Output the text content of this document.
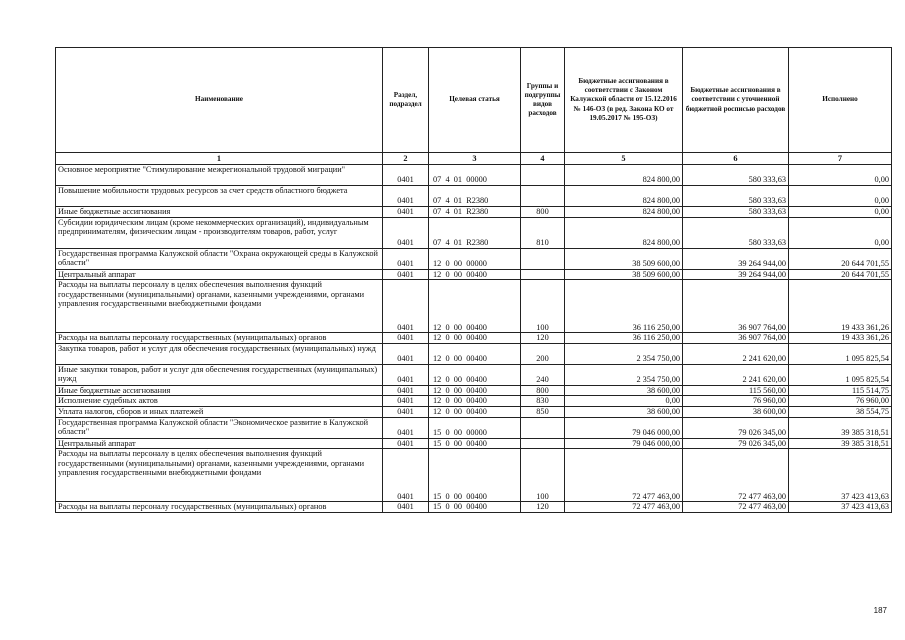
Наименование	Раздел, подраздел	Целевая статья	Группы и подгруппы видов расходов	Бюджетные ассигнования в соответствии с Законом Калужской области от 15.12.2016 № 146-ОЗ (в ред. Закона КО от 19.05.2017 № 195-ОЗ)	Бюджетные ассигнования в соответствии с уточненной бюджетной росписью расходов	Исполнено
1	2	3	4	5	6	7
Основное мероприятие "Стимулирование межрегиональной трудовой миграции"	0401	07  4  01  00000		824 800,00	580 333,63	0,00
Повышение мобильности трудовых ресурсов за счет средств областного бюджета	0401	07  4  01  R2380		824 800,00	580 333,63	0,00
Иные бюджетные ассигнования	0401	07  4  01  R2380	800	824 800,00	580 333,63	0,00
Субсидии юридическим лицам (кроме некоммерческих организаций), индивидуальным предпринимателям, физическим лицам - производителям товаров, работ, услуг	0401	07  4  01  R2380	810	824 800,00	580 333,63	0,00
Государственная программа Калужской области "Охрана окружающей среды в Калужской области"	0401	12  0  00  00000		38 509 600,00	39 264 944,00	20 644 701,55
Центральный аппарат	0401	12  0  00  00400		38 509 600,00	39 264 944,00	20 644 701,55
Расходы на выплаты персоналу в целях обеспечения выполнения функций государственными (муниципальными) органами, казенными учреждениями, органами управления государственными внебюджетными фондами	0401	12  0  00  00400	100	36 116 250,00	36 907 764,00	19 433 361,26
Расходы на выплаты персоналу государственных (муниципальных) органов	0401	12  0  00  00400	120	36 116 250,00	36 907 764,00	19 433 361,26
Закупка товаров, работ и услуг для обеспечения государственных (муниципальных) нужд	0401	12  0  00  00400	200	2 354 750,00	2 241 620,00	1 095 825,54
Иные закупки товаров, работ и услуг для обеспечения государственных (муниципальных) нужд	0401	12  0  00  00400	240	2 354 750,00	2 241 620,00	1 095 825,54
Иные бюджетные ассигнования	0401	12  0  00  00400	800	38 600,00	115 560,00	115 514,75
Исполнение судебных актов	0401	12  0  00  00400	830	0,00	76 960,00	76 960,00
Уплата налогов, сборов и иных платежей	0401	12  0  00  00400	850	38 600,00	38 600,00	38 554,75
Государственная программа Калужской области "Экономическое развитие в Калужской области"	0401	15  0  00  00000		79 046 000,00	79 026 345,00	39 385 318,51
Центральный аппарат	0401	15  0  00  00400		79 046 000,00	79 026 345,00	39 385 318,51
Расходы на выплаты персоналу в целях обеспечения выполнения функций государственными (муниципальными) органами, казенными учреждениями, органами управления государственными внебюджетными фондами	0401	15  0  00  00400	100	72 477 463,00	72 477 463,00	37 423 413,63
Расходы на выплаты персоналу государственных (муниципальных) органов	0401	15  0  00  00400	120	72 477 463,00	72 477 463,00	37 423 413,63
187
